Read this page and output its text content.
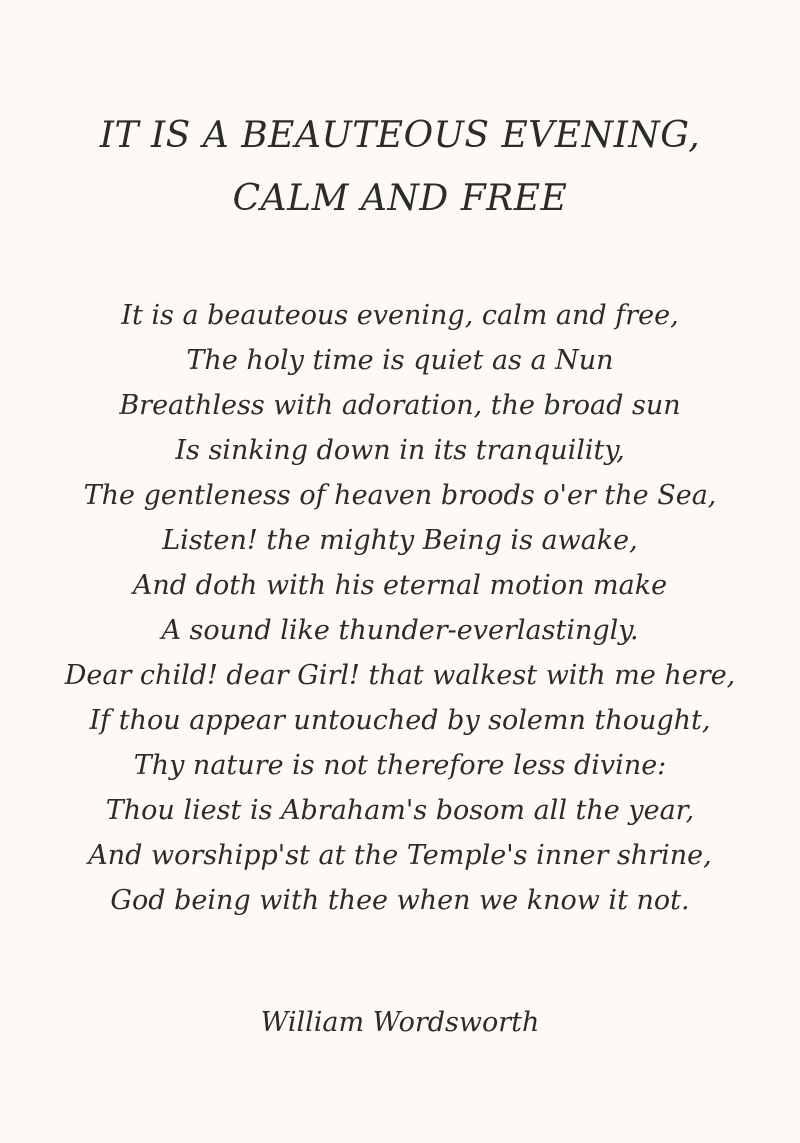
IT IS A BEAUTEOUS EVENING,
CALM AND FREE
It is a beauteous evening, calm and free,
The holy time is quiet as a Nun
Breathless with adoration, the broad sun
Is sinking down in its tranquility,
The gentleness of heaven broods o'er the Sea,
Listen! the mighty Being is awake,
And doth with his eternal motion make
A sound like thunder-everlastingly.
Dear child! dear Girl! that walkest with me here,
If thou appear untouched by solemn thought,
Thy nature is not therefore less divine:
Thou liest is Abraham's bosom all the year,
And worshipp'st at the Temple's inner shrine,
God being with thee when we know it not.
William Wordsworth
